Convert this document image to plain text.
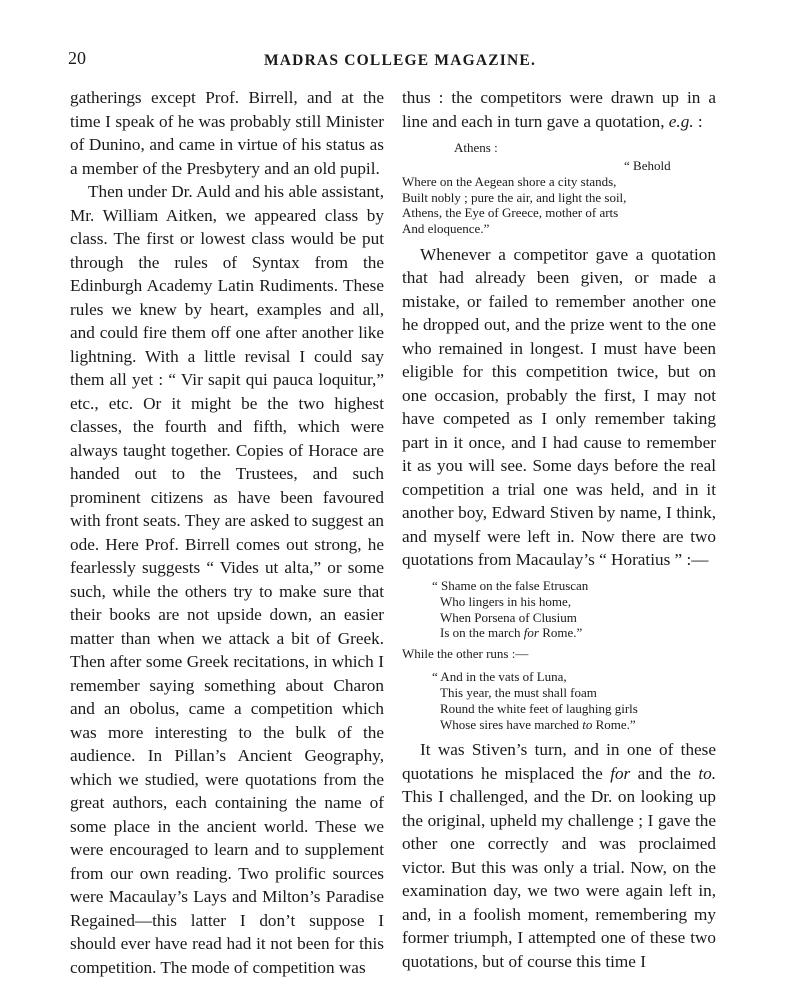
20	MADRAS COLLEGE MAGAZINE.

gatherings except Prof. Birrell, and at the time I speak of he was probably still Minister of Dunino, and came in virtue of his status as a member of the Presbytery and an old pupil.

Then under Dr. Auld and his able assistant, Mr. William Aitken, we appeared class by class. The first or lowest class would be put through the rules of Syntax from the Edinburgh Academy Latin Rudiments. These rules we knew by heart, examples and all, and could fire them off one after another like lightning. With a little revisal I could say them all yet : “ Vir sapit qui pauca loquitur,” etc., etc. Or it might be the two highest classes, the fourth and fifth, which were always taught together. Copies of Horace are handed out to the Trustees, and such prominent citizens as have been favoured with front seats. They are asked to suggest an ode. Here Prof. Birrell comes out strong, he fearlessly suggests “ Vides ut alta,” or some such, while the others try to make sure that their books are not upside down, an easier matter than when we attack a bit of Greek. Then after some Greek recitations, in which I remember saying something about Charon and an obolus, came a competition which was more interesting to the bulk of the audience. In Pillan’s Ancient Geography, which we studied, were quotations from the great authors, each containing the name of some place in the ancient world. These we were encouraged to learn and to supplement from our own reading. Two prolific sources were Macaulay’s Lays and Milton’s Paradise Regained—this latter I don’t suppose I should ever have read had it not been for this competition. The mode of competition was

thus : the competitors were drawn up in a line and each in turn gave a quotation, e.g. :

Athens :
“ Behold
Where on the Aegean shore a city stands,
Built nobly ; pure the air, and light the soil,
Athens, the Eye of Greece, mother of arts
And eloquence.”

Whenever a competitor gave a quotation that had already been given, or made a mistake, or failed to remember another one he dropped out, and the prize went to the one who remained in longest. I must have been eligible for this competition twice, but on one occasion, probably the first, I may not have competed as I only remember taking part in it once, and I had cause to remember it as you will see. Some days before the real competition a trial one was held, and in it another boy, Edward Stiven by name, I think, and myself were left in. Now there are two quotations from Macaulay’s “ Horatius ” :—

“ Shame on the false Etruscan
Who lingers in his home,
When Porsena of Clusium
Is on the march for Rome.”
While the other runs :—
“ And in the vats of Luna,
This year, the must shall foam
Round the white feet of laughing girls
Whose sires have marched to Rome.”

It was Stiven’s turn, and in one of these quotations he misplaced the for and the to. This I challenged, and the Dr. on looking up the original, upheld my challenge ; I gave the other one correctly and was proclaimed victor. But this was only a trial. Now, on the examination day, we two were again left in, and, in a foolish moment, remembering my former triumph, I attempted one of these two quotations, but of course this time I
